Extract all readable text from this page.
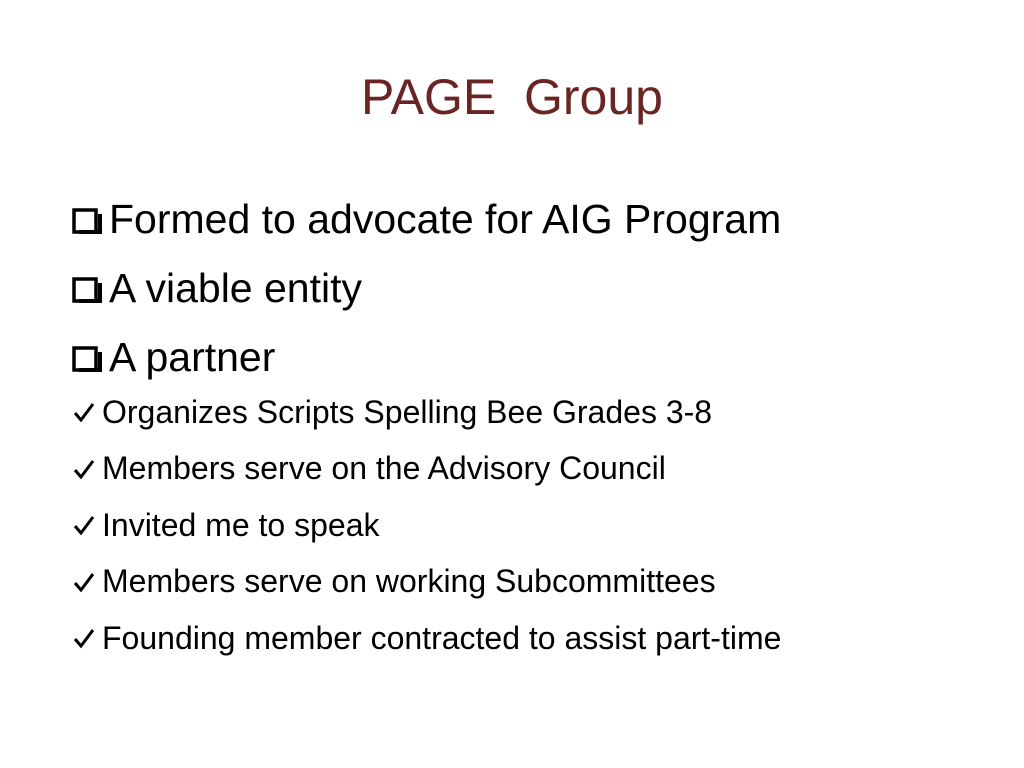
PAGE  Group
Formed to advocate for AIG Program
A viable entity
A partner
Organizes Scripts Spelling Bee Grades 3-8
Members serve on the Advisory Council
Invited me to speak
Members serve on working Subcommittees
Founding member contracted to assist part-time
